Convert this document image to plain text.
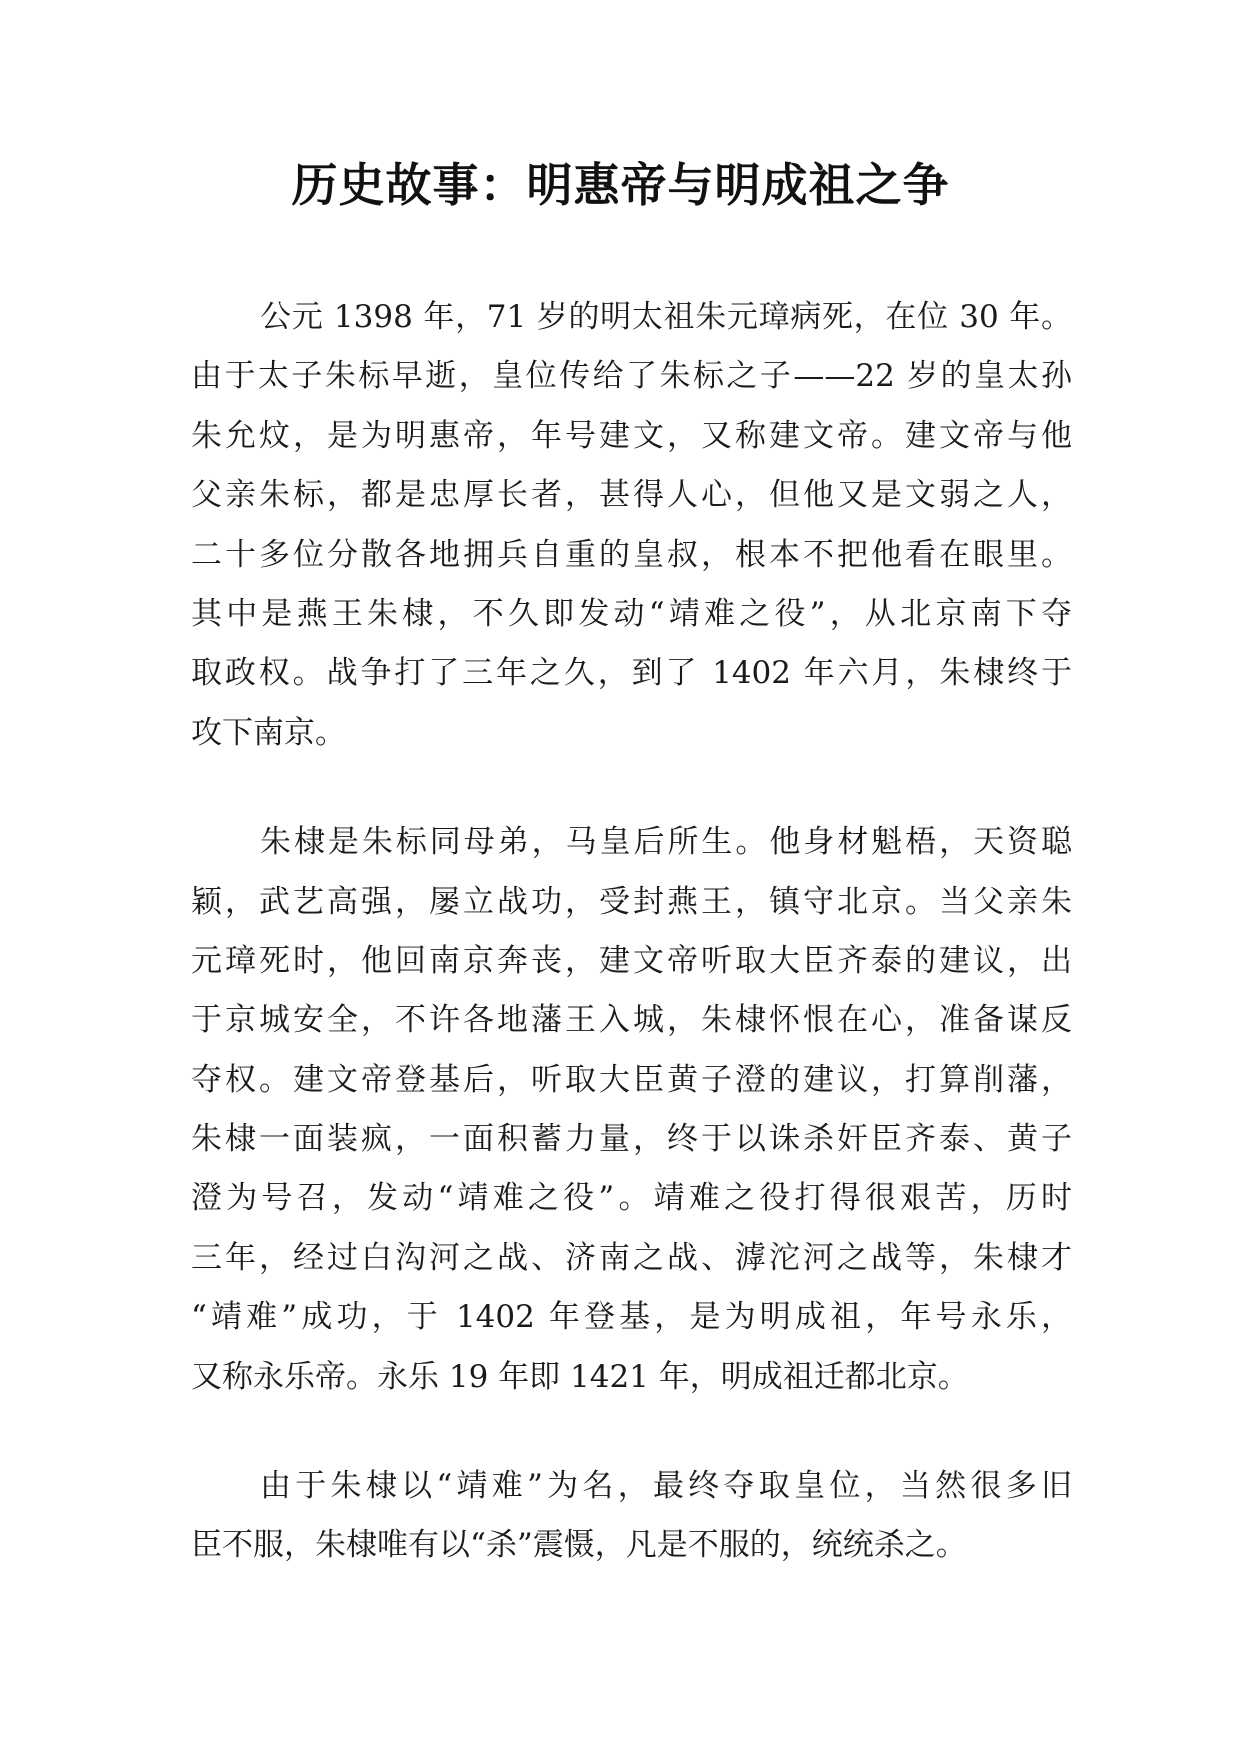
历史故事：明惠帝与明成祖之争

公元 1398 年，71 岁的明太祖朱元璋病死，在位 30 年。
由于太子朱标早逝，皇位传给了朱标之子——22 岁的皇太孙
朱允炆，是为明惠帝，年号建文，又称建文帝。建文帝与他
父亲朱标，都是忠厚长者，甚得人心，但他又是文弱之人，
二十多位分散各地拥兵自重的皇叔，根本不把他看在眼里。
其中是燕王朱棣，不久即发动“靖难之役”，从北京南下夺
取政权。战争打了三年之久，到了 1402 年六月，朱棣终于
攻下南京。

朱棣是朱标同母弟，马皇后所生。他身材魁梧，天资聪
颖，武艺高强，屡立战功，受封燕王，镇守北京。当父亲朱
元璋死时，他回南京奔丧，建文帝听取大臣齐泰的建议，出
于京城安全，不许各地藩王入城，朱棣怀恨在心，准备谋反
夺权。建文帝登基后，听取大臣黄子澄的建议，打算削藩，
朱棣一面装疯，一面积蓄力量，终于以诛杀奸臣齐泰、黄子
澄为号召，发动“靖难之役”。靖难之役打得很艰苦，历时
三年，经过白沟河之战、济南之战、滹沱河之战等，朱棣才
“靖难”成功，于 1402 年登基，是为明成祖，年号永乐，
又称永乐帝。永乐 19 年即 1421 年，明成祖迁都北京。

由于朱棣以“靖难”为名，最终夺取皇位，当然很多旧
臣不服，朱棣唯有以“杀”震慑，凡是不服的，统统杀之。
